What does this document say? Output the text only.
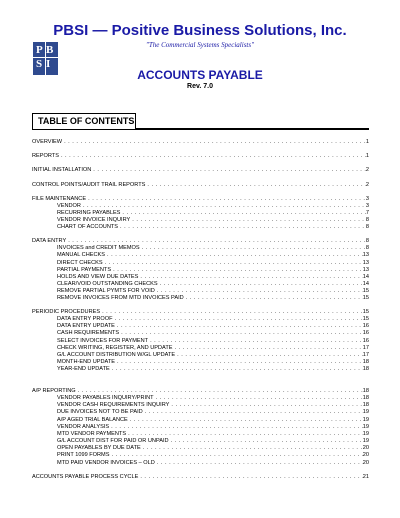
PBSI — Positive Business Solutions, Inc.
"The Commercial Systems Specialists"
P B
S I
ACCOUNTS PAYABLE
Rev. 7.0
TABLE OF CONTENTS
OVERVIEW . . .	1
REPORTS . . .	1
INITIAL INSTALLATION . . .	2
CONTROL POINTS/AUDIT TRAIL REPORTS . . .	2
FILE MAINTENANCE . . .	3
VENDOR . . .	3
RECURRING PAYABLES . . .	7
VENDOR INVOICE INQUIRY . . .	8
CHART OF ACCOUNTS . . .	8
DATA ENTRY . . .	8
INVOICES and CREDIT MEMOS . . .	8
MANUAL CHECKS . . .	13
DIRECT CHECKS . . .	13
PARTIAL PAYMENTS . . .	13
HOLDS AND VIEW DUE DATES . . .	14
CLEAR/VOID OUTSTANDING CHECKS . . .	14
REMOVE PARTIAL PYMTS FOR VOID . . .	15
REMOVE INVOICES FROM MTD INVOICES PAID . . .	15
PERIODIC PROCEDURES . . .	15
DATA ENTRY PROOF . . .	15
DATA ENTRY UPDATE . . .	16
CASH REQUIREMENTS . . .	16
SELECT INVOICES FOR PAYMENT . . .	16
CHECK WRITING, REGISTER, AND UPDATE . . .	17
G/L ACCOUNT DISTRIBUTION W/GL UPDATE . . .	17
MONTH-END UPDATE . . .	18
YEAR-END UPDATE . . .	18
A/P REPORTING . . .	18
VENDOR PAYABLES INQUIRY/PRINT . . .	18
VENDOR CASH REQUIREMENTS INQUIRY . . .	18
DUE INVOICES NOT TO BE PAID . . .	19
A/P AGED TRIAL BALANCE . . .	19
VENDOR ANALYSIS . . .	19
MTD VENDOR PAYMENTS . . .	19
G/L ACCOUNT DIST FOR PAID OR UNPAID . . .	19
OPEN PAYABLES BY DUE DATE . . .	20
PRINT 1099 FORMS . . .	20
MTD PAID VENDOR INVOICES – OLD . . .	20
ACCOUNTS PAYABLE PROCESS CYCLE . . .	21
